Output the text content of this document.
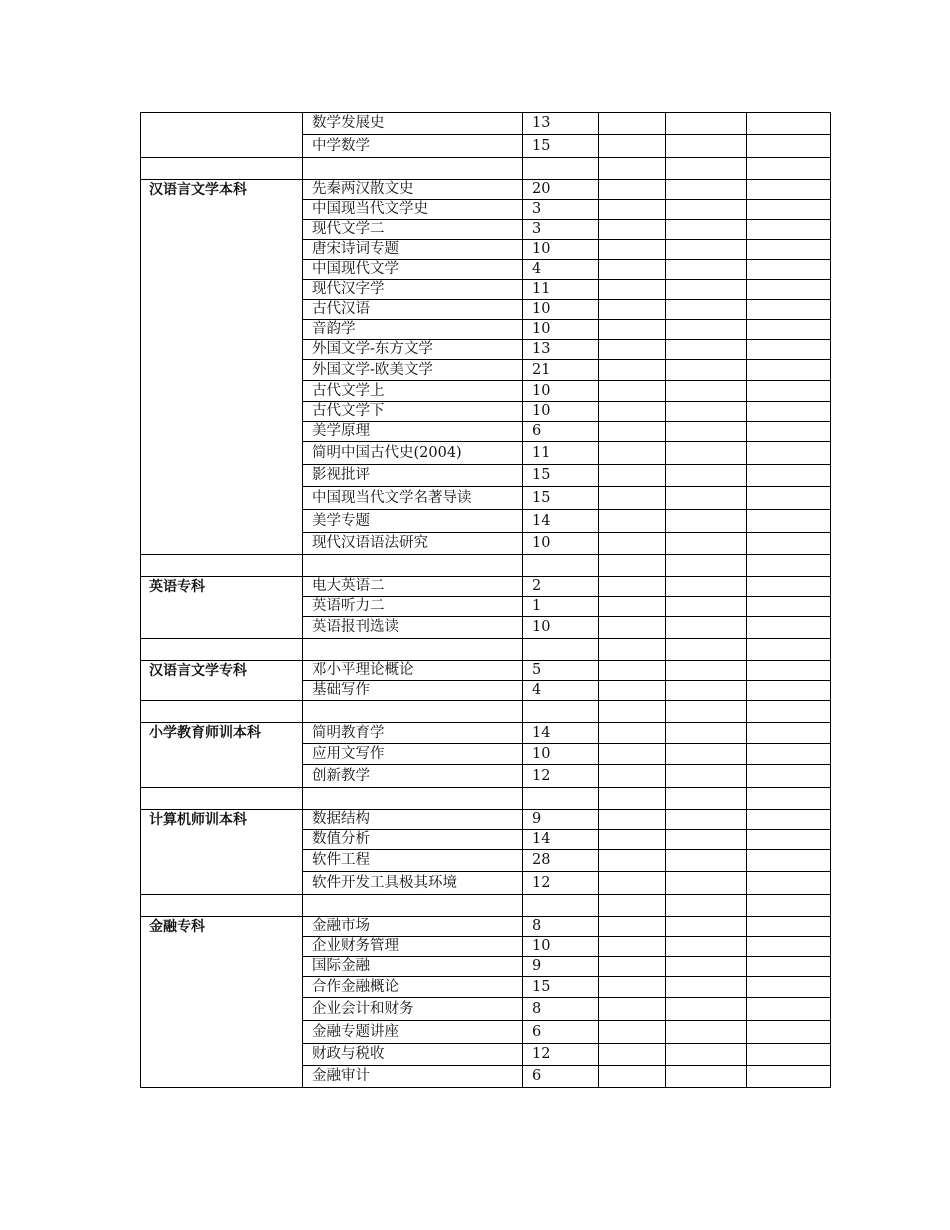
	数学发展史	13			
	中学数学	15			

汉语言文学本科	先秦两汉散文史	20			
	中国现当代文学史	3			
	现代文学二	3			
	唐宋诗词专题	10			
	中国现代文学	4			
	现代汉字学	11			
	古代汉语	10			
	音韵学	10			
	外国文学-东方文学	13			
	外国文学-欧美文学	21			
	古代文学上	10			
	古代文学下	10			
	美学原理	6			
	简明中国古代史(2004)	11			
	影视批评	15			
	中国现当代文学名著导读	15			
	美学专题	14			
	现代汉语语法研究	10			

英语专科	电大英语二	2			
	英语听力二	1			
	英语报刊选读	10			

汉语言文学专科	邓小平理论概论	5			
	基础写作	4			

小学教育师训本科	简明教育学	14			
	应用文写作	10			
	创新教学	12			

计算机师训本科	数据结构	9			
	数值分析	14			
	软件工程	28			
	软件开发工具极其环境	12			

金融专科	金融市场	8			
	企业财务管理	10			
	国际金融	9			
	合作金融概论	15			
	企业会计和财务	8			
	金融专题讲座	6			
	财政与税收	12			
	金融审计	6			
